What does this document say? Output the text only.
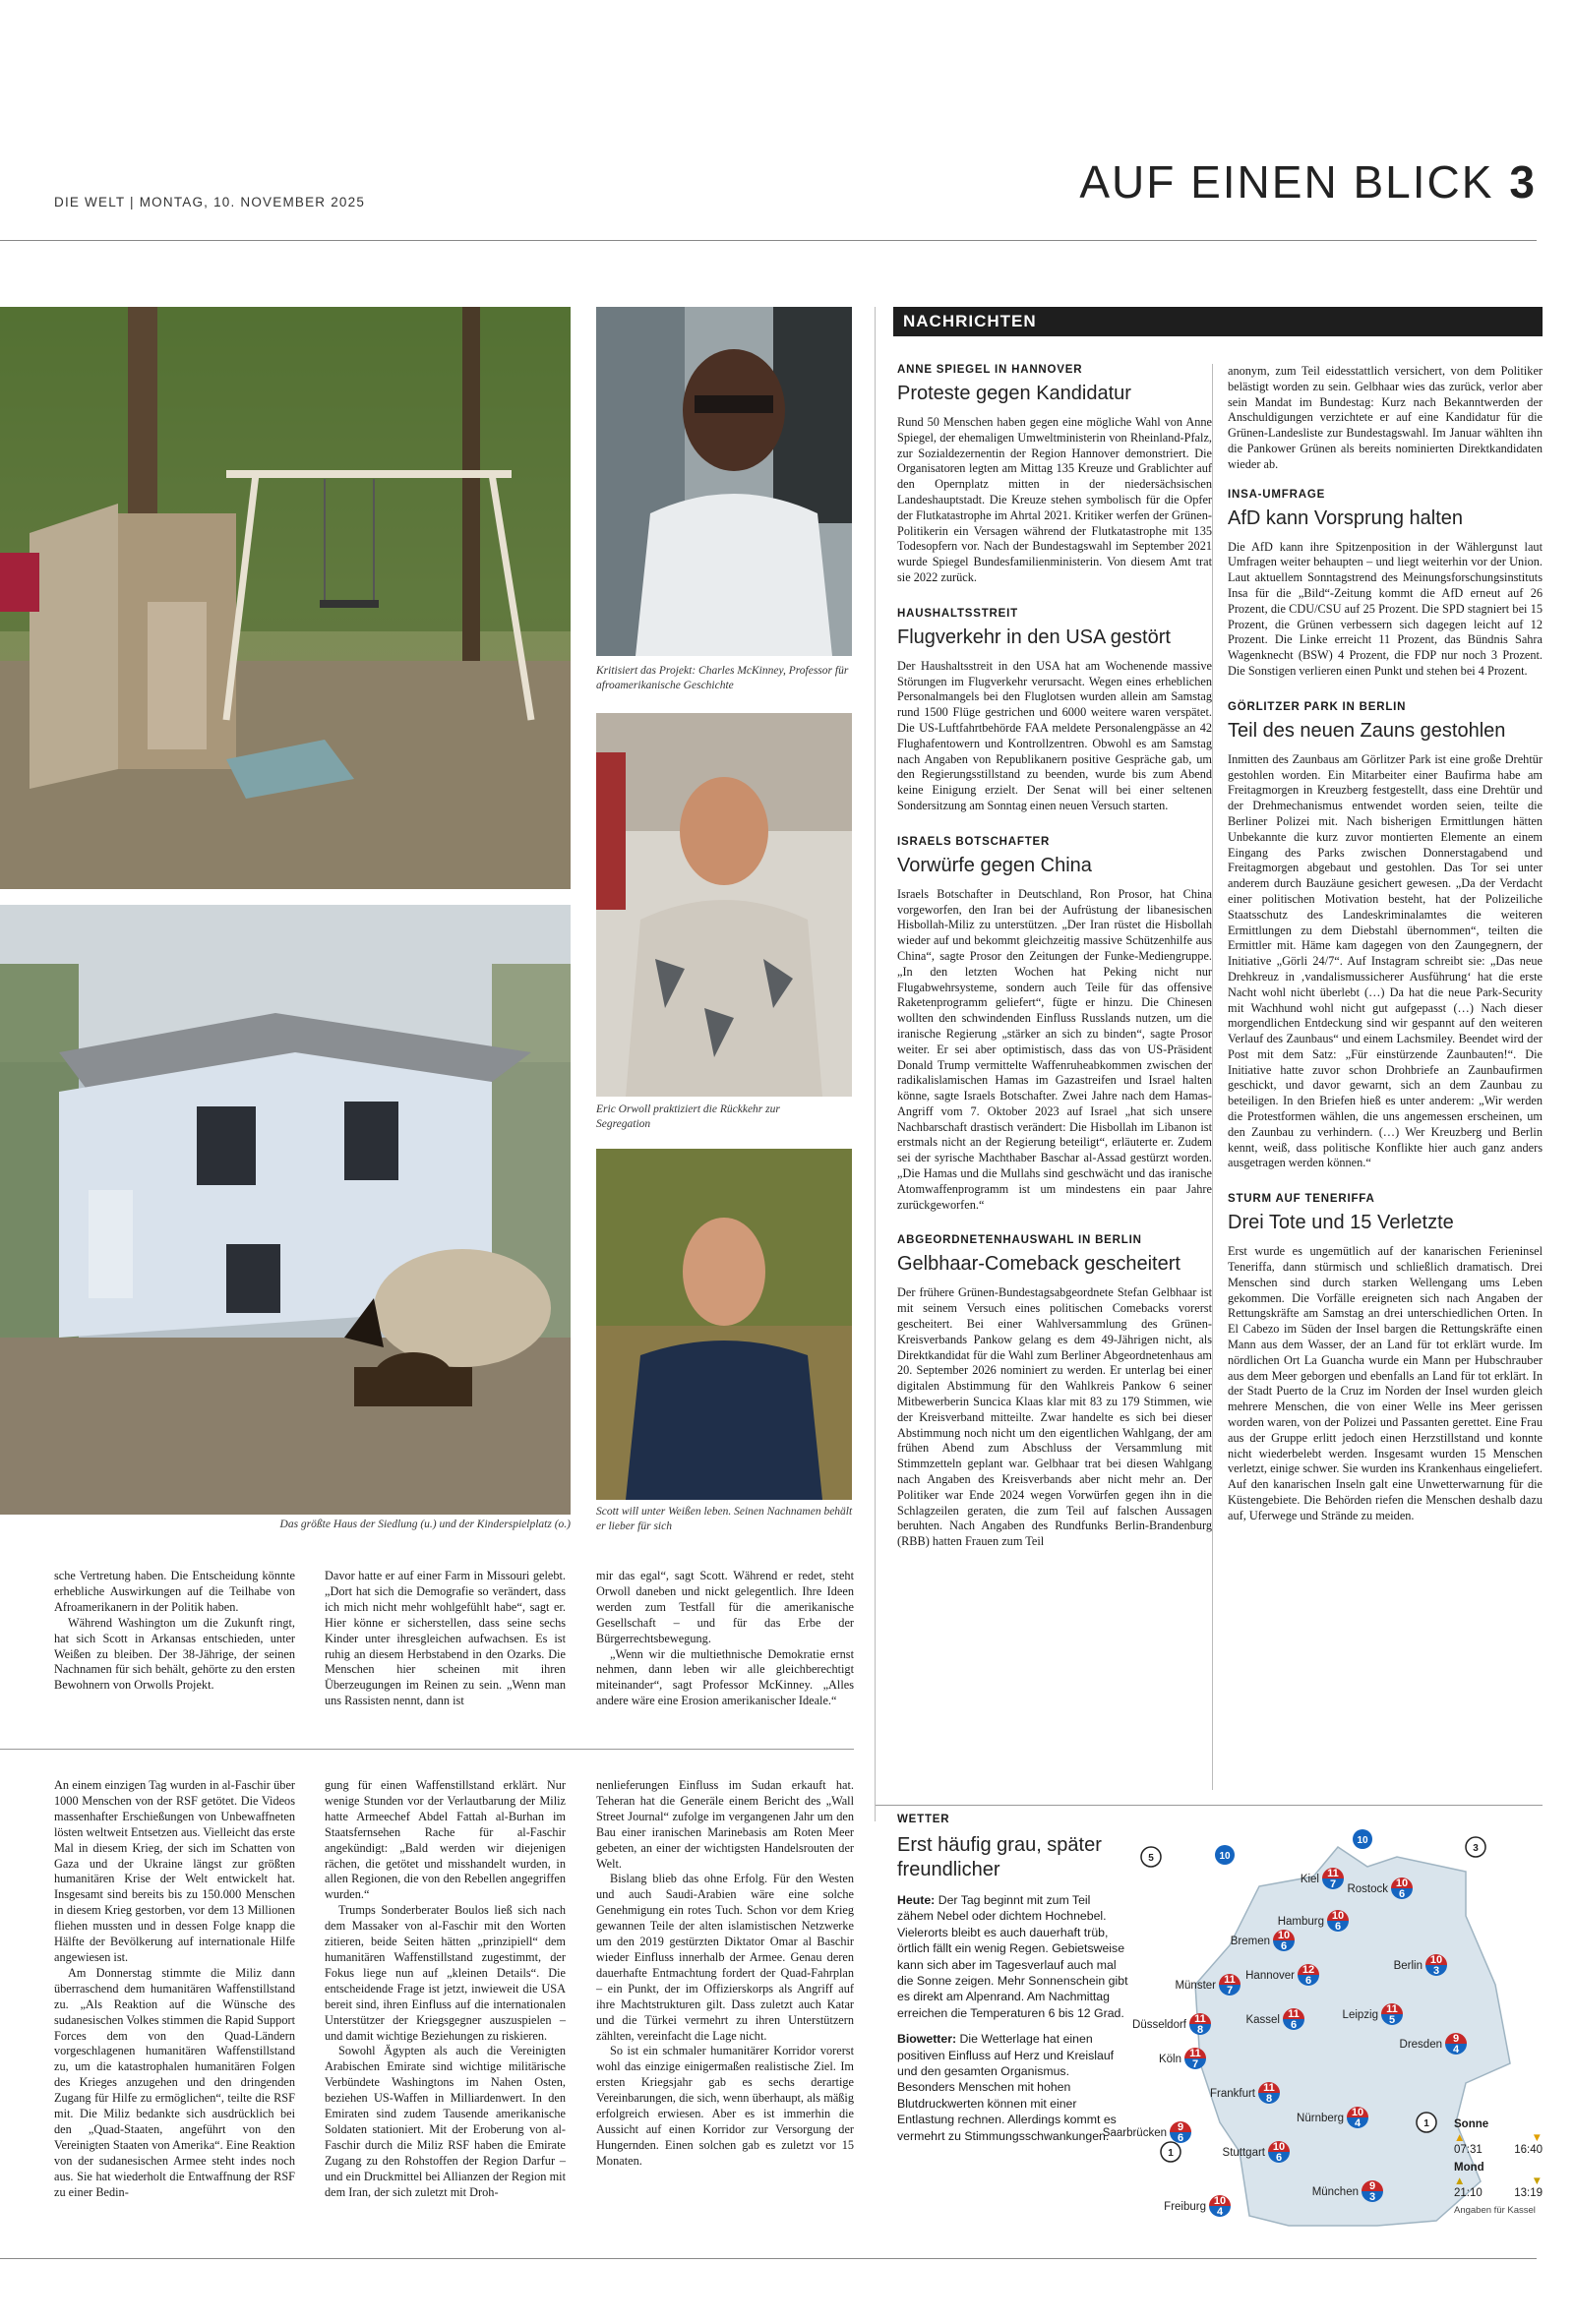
DIE WELT | MONTAG, 10. NOVEMBER 2025	AUF EINEN BLICK 3
Das größte Haus der Siedlung (u.) und der Kinderspielplatz (o.)
Kritisiert das Projekt: Charles McKinney, Professor für afroamerikanische Geschichte
Eric Orwoll praktiziert die Rückkehr zur Segregation
Scott will unter Weißen leben. Seinen Nachnamen behält er lieber für sich

sche Vertretung haben. Die Entscheidung könnte erhebliche Auswirkungen auf die Teilhabe von Afroamerikanern in der Politik haben.

Während Washington um die Zukunft ringt, hat sich Scott in Arkansas entschieden, unter Weißen zu bleiben. Der 38-Jährige, der seinen Nachnamen für sich behält, gehörte zu den ersten Bewohnern von Orwolls Projekt.

Davor hatte er auf einer Farm in Missouri gelebt. „Dort hat sich die Demografie so verändert, dass ich mich nicht mehr wohlgefühlt habe“, sagt er. Hier könne er sicherstellen, dass seine sechs Kinder unter ihresgleichen aufwachsen. Es ist ruhig an diesem Herbstabend in den Ozarks. Die Menschen hier scheinen mit ihren Überzeugungen im Reinen zu sein. „Wenn man uns Rassisten nennt, dann ist

mir das egal“, sagt Scott. Während er redet, steht Orwoll daneben und nickt gelegentlich. Ihre Ideen werden zum Testfall für die amerikanische Gesellschaft – und für das Erbe der Bürgerrechtsbewegung.

„Wenn wir die multiethnische Demokratie ernst nehmen, dann leben wir alle gleichberechtigt miteinander“, sagt Professor McKinney. „Alles andere wäre eine Erosion amerikanischer Ideale.“

An einem einzigen Tag wurden in al-Faschir über 1000 Menschen von der RSF getötet. Die Videos massenhafter Erschießungen von Unbewaffneten lösten weltweit Entsetzen aus. Vielleicht das erste Mal in diesem Krieg, der sich im Schatten von Gaza und der Ukraine längst zur größten humanitären Krise der Welt entwickelt hat. Insgesamt sind bereits bis zu 150.000 Menschen in diesem Krieg gestorben, vor dem 13 Millionen fliehen mussten und in dessen Folge knapp die Hälfte der Bevölkerung auf internationale Hilfe angewiesen ist.

Am Donnerstag stimmte die Miliz dann überraschend dem humanitären Waffenstillstand zu. „Als Reaktion auf die Wünsche des sudanesischen Volkes stimmen die Rapid Support Forces dem von den Quad-Ländern vorgeschlagenen humanitären Waffenstillstand zu, um die katastrophalen humanitären Folgen des Krieges anzugehen und den dringenden Zugang für Hilfe zu ermöglichen“, teilte die RSF mit. Die Miliz bedankte sich ausdrücklich bei den „Quad-Staaten, angeführt von den Vereinigten Staaten von Amerika“. Eine Reaktion von der sudanesischen Armee steht indes noch aus. Sie hat wiederholt die Entwaffnung der RSF zu einer Bedin-

gung für einen Waffenstillstand erklärt. Nur wenige Stunden vor der Verlautbarung der Miliz hatte Armeechef Abdel Fattah al-Burhan im Staatsfernsehen Rache für al-Faschir angekündigt: „Bald werden wir diejenigen rächen, die getötet und misshandelt wurden, in allen Regionen, die von den Rebellen angegriffen wurden.“

Trumps Sonderberater Boulos ließ sich nach dem Massaker von al-Faschir mit den Worten zitieren, beide Seiten hätten „prinzipiell“ dem humanitären Waffenstillstand zugestimmt, der Fokus liege nun auf „kleinen Details“. Die entscheidende Frage ist jetzt, inwieweit die USA bereit sind, ihren Einfluss auf die internationalen Unterstützer der Kriegsgegner auszuspielen – und damit wichtige Beziehungen zu riskieren.

Sowohl Ägypten als auch die Vereinigten Arabischen Emirate sind wichtige militärische Verbündete Washingtons im Nahen Osten, beziehen US-Waffen in Milliardenwert. In den Emiraten sind zudem Tausende amerikanische Soldaten stationiert. Mit der Eroberung von al-Faschir durch die Miliz RSF haben die Emirate Zugang zu den Rohstoffen der Region Darfur – und ein Druckmittel bei Allianzen der Region mit dem Iran, der sich zuletzt mit Droh-

nenlieferungen Einfluss im Sudan erkauft hat. Teheran hat die Generäle einem Bericht des „Wall Street Journal“ zufolge im vergangenen Jahr um den Bau einer iranischen Marinebasis am Roten Meer gebeten, an einer der wichtigsten Handelsrouten der Welt.

Bislang blieb das ohne Erfolg. Für den Westen und auch Saudi-Arabien wäre eine solche Genehmigung ein rotes Tuch. Schon vor dem Krieg gewannen Teile der alten islamistischen Netzwerke um den 2019 gestürzten Diktator Omar al Baschir wieder Einfluss innerhalb der Armee. Genau deren dauerhafte Entmachtung fordert der Quad-Fahrplan – ein Punkt, der im Offizierskorps als Angriff auf ihre Machtstrukturen gilt. Dass zuletzt auch Katar und die Türkei vermehrt zu ihren Unterstützern zählten, vereinfacht die Lage nicht.

So ist ein schmaler humanitärer Korridor vorerst wohl das einzige einigermaßen realistische Ziel. Im ersten Kriegsjahr gab es sechs derartige Vereinbarungen, die sich, wenn überhaupt, als mäßig erfolgreich erwiesen. Aber es ist immerhin die Aussicht auf einen Korridor zur Versorgung der Hungernden. Einen solchen gab es zuletzt vor 15 Monaten.

NACHRICHTEN
ANNE SPIEGEL IN HANNOVER
Proteste gegen Kandidatur
Rund 50 Menschen haben gegen eine mögliche Wahl von Anne Spiegel, der ehemaligen Umweltministerin von Rheinland-Pfalz, zur Sozialdezernentin der Region Hannover demonstriert. Die Organisatoren legten am Mittag 135 Kreuze und Grablichter auf den Opernplatz mitten in der niedersächsischen Landeshauptstadt. Die Kreuze stehen symbolisch für die Opfer der Flutkatastrophe im Ahrtal 2021. Kritiker werfen der Grünen-Politikerin ein Versagen während der Flutkatastrophe mit 135 Todesopfern vor. Nach der Bundestagswahl im September 2021 wurde Spiegel Bundesfamilienministerin. Von diesem Amt trat sie 2022 zurück.
HAUSHALTSSTREIT
Flugverkehr in den USA gestört
Der Haushaltsstreit in den USA hat am Wochenende massive Störungen im Flugverkehr verursacht. Wegen eines erheblichen Personalmangels bei den Fluglotsen wurden allein am Samstag rund 1500 Flüge gestrichen und 6000 weitere waren verspätet. Die US-Luftfahrtbehörde FAA meldete Personalengpässe an 42 Flughafentowern und Kontrollzentren. Obwohl es am Samstag nach Angaben von Republikanern positive Gespräche gab, um den Regierungsstillstand zu beenden, wurde bis zum Abend keine Einigung erzielt. Der Senat will bei einer seltenen Sondersitzung am Sonntag einen neuen Versuch starten.
ISRAELS BOTSCHAFTER
Vorwürfe gegen China
Israels Botschafter in Deutschland, Ron Prosor, hat China vorgeworfen, den Iran bei der Aufrüstung der libanesischen Hisbollah-Miliz zu unterstützen. „Der Iran rüstet die Hisbollah wieder auf und bekommt gleichzeitig massive Schützenhilfe aus China“, sagte Prosor den Zeitungen der Funke-Mediengruppe. „In den letzten Wochen hat Peking nicht nur Flugabwehrsysteme, sondern auch Teile für das offensive Raketenprogramm geliefert“, fügte er hinzu. Die Chinesen wollten den schwindenden Einfluss Russlands nutzen, um die iranische Regierung „stärker an sich zu binden“, sagte Prosor weiter. Er sei aber optimistisch, dass das von US-Präsident Donald Trump vermittelte Waffenruheabkommen zwischen der radikalislamischen Hamas im Gazastreifen und Israel halten könne, sagte Israels Botschafter. Zwei Jahre nach dem Hamas-Angriff vom 7. Oktober 2023 auf Israel „hat sich unsere Nachbarschaft drastisch verändert: Die Hisbollah im Libanon ist erstmals nicht an der Regierung beteiligt“, erläuterte er. Zudem sei der syrische Machthaber Baschar al-Assad gestürzt worden. „Die Hamas und die Mullahs sind geschwächt und das iranische Atomwaffenprogramm ist um mindestens ein paar Jahre zurückgeworfen.“
ABGEORDNETENHAUSWAHL IN BERLIN
Gelbhaar-Comeback gescheitert
Der frühere Grünen-Bundestagsabgeordnete Stefan Gelbhaar ist mit seinem Versuch eines politischen Comebacks vorerst gescheitert. Bei einer Wahlversammlung des Grünen-Kreisverbands Pankow gelang es dem 49-Jährigen nicht, als Direktkandidat für die Wahl zum Berliner Abgeordnetenhaus am 20. September 2026 nominiert zu werden. Er unterlag bei einer digitalen Abstimmung für den Wahlkreis Pankow 6 seiner Mitbewerberin Suncica Klaas klar mit 83 zu 179 Stimmen, wie der Kreisverband mitteilte. Zwar handelte es sich bei dieser Abstimmung noch nicht um den eigentlichen Wahlgang, der am frühen Abend zum Abschluss der Versammlung mit Stimmzetteln geplant war. Gelbhaar trat bei diesen Wahlgang nach Angaben des Kreisverbands aber nicht mehr an. Der Politiker war Ende 2024 wegen Vorwürfen gegen ihn in die Schlagzeilen geraten, die zum Teil auf falschen Aussagen beruhten. Nach Angaben des Rundfunks Berlin-Brandenburg (RBB) hatten Frauen zum Teil
anonym, zum Teil eidesstattlich versichert, von dem Politiker belästigt worden zu sein. Gelbhaar wies das zurück, verlor aber sein Mandat im Bundestag: Kurz nach Bekanntwerden der Anschuldigungen verzichtete er auf eine Kandidatur für die Grünen-Landesliste zur Bundestagswahl. Im Januar wählten ihn die Pankower Grünen als bereits nominierten Direktkandidaten wieder ab.
INSA-UMFRAGE
AfD kann Vorsprung halten
Die AfD kann ihre Spitzenposition in der Wählergunst laut Umfragen weiter behaupten – und liegt weiterhin vor der Union. Laut aktuellem Sonntagstrend des Meinungsforschungsinstituts Insa für die „Bild“-Zeitung kommt die AfD erneut auf 26 Prozent, die CDU/CSU auf 25 Prozent. Die SPD stagniert bei 15 Prozent, die Grünen verbessern sich dagegen leicht auf 12 Prozent. Die Linke erreicht 11 Prozent, das Bündnis Sahra Wagenknecht (BSW) 4 Prozent, die FDP nur noch 3 Prozent. Die Sonstigen verlieren einen Punkt und stehen bei 4 Prozent.
GÖRLITZER PARK IN BERLIN
Teil des neuen Zauns gestohlen
Inmitten des Zaunbaus am Görlitzer Park ist eine große Drehtür gestohlen worden. Ein Mitarbeiter einer Baufirma habe am Freitagmorgen in Kreuzberg festgestellt, dass eine Drehtür und der Drehmechanismus entwendet worden seien, teilte die Berliner Polizei mit. Nach bisherigen Ermittlungen hätten Unbekannte die kurz zuvor montierten Elemente an einem Eingang des Parks zwischen Donnerstagabend und Freitagmorgen abgebaut und gestohlen. Das Tor sei unter anderem durch Bauzäune gesichert gewesen. „Da der Verdacht einer politischen Motivation besteht, hat der Polizeiliche Staatsschutz des Landeskriminalamtes die weiteren Ermittlungen zu dem Diebstahl übernommen“, teilten die Ermittler mit. Häme kam dagegen von den Zaungegnern, der Initiative „Görli 24/7“. Auf Instagram schreibt sie: „Das neue Drehkreuz in ‚vandalismussicherer Ausführung‘ hat die erste Nacht wohl nicht überlebt (…) Da hat die neue Park-Security mit Wachhund wohl nicht gut aufgepasst (…) Nach dieser morgendlichen Entdeckung sind wir gespannt auf den weiteren Verlauf des Zaunbaus“ und einem Lachsmiley. Beendet wird der Post mit dem Satz: „Für einstürzende Zaunbauten!“. Die Initiative hatte zuvor schon Drohbriefe an Zaunbaufirmen geschickt, und davor gewarnt, sich an dem Zaunbau zu beteiligen. In den Briefen hieß es unter anderem: „Wir werden die Protestformen wählen, die uns angemessen erscheinen, um den Zaunbau zu verhindern. (…) Wer Kreuzberg und Berlin kennt, weiß, dass politische Konflikte hier auch ganz anders ausgetragen werden können.“
STURM AUF TENERIFFA
Drei Tote und 15 Verletzte
Erst wurde es ungemütlich auf der kanarischen Ferieninsel Teneriffa, dann stürmisch und schließlich dramatisch. Drei Menschen sind durch starken Wellengang ums Leben gekommen. Die Vorfälle ereigneten sich nach Angaben der Rettungskräfte am Samstag an drei unterschiedlichen Orten. In El Cabezo im Süden der Insel bargen die Rettungskräfte einen Mann aus dem Wasser, der an Land für tot erklärt wurde. Im nördlichen Ort La Guancha wurde ein Mann per Hubschrauber aus dem Meer geborgen und ebenfalls an Land für tot erklärt. In der Stadt Puerto de la Cruz im Norden der Insel wurden gleich mehrere Menschen, die von einer Welle ins Meer gerissen worden waren, von der Polizei und Passanten gerettet. Eine Frau aus der Gruppe erlitt jedoch einen Herzstillstand und konnte nicht wiederbelebt werden. Insgesamt wurden 15 Menschen verletzt, einige schwer. Sie wurden ins Krankenhaus eingeliefert. Auf den kanarischen Inseln galt eine Unwetterwarnung für die Küstengebiete. Die Behörden riefen die Menschen deshalb dazu auf, Uferwege und Strände zu meiden.
WETTER
Erst häufig grau, später freundlicher
Heute: Der Tag beginnt mit zum Teil zähem Nebel oder dichtem Hochnebel. Vielerorts bleibt es auch dauerhaft trüb, örtlich fällt ein wenig Regen. Gebietsweise kann sich aber im Tagesverlauf auch mal die Sonne zeigen. Mehr Sonnenschein gibt es direkt am Alpenrand. Am Nachmittag erreichen die Temperaturen 6 bis 12 Grad.
Biowetter: Die Wetterlage hat einen positiven Einfluss auf Herz und Kreislauf und den gesamten Organismus. Besonders Menschen mit hohen Blutdruckwerten können mit einer Entlastung rechnen. Allerdings kommt es vermehrt zu Stimmungsschwankungen.
11
7
Kiel	10
6
Rostock
10
6
Hamburg
10
6
Bremen
10
3
Berlin
12
6
Hannover
11
7
Münster
11
6
Kassel
11
5
Leipzig
9
4
Dresden
11
8
Düsseldorf
11
7
Köln
11
8
Frankfurt
10
4
Nürnberg
9
6
Saarbrücken
10
6
Stuttgart
10
4
Freiburg
9
3
München
5
3
1
1
10
10
Sonne
▲	▼
07:31	16:40
Mond
▲	▼
21:10	13:19
Angaben für Kassel
